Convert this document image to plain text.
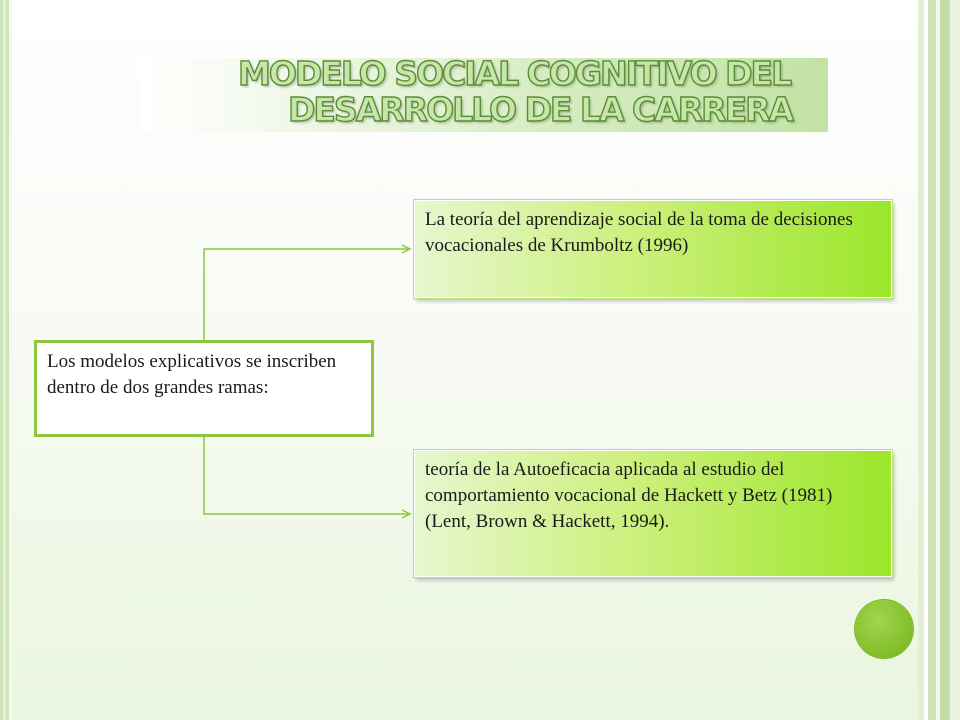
MODELO SOCIAL COGNITIVO DEL
DESARROLLO DE LA CARRERA
Los modelos explicativos se inscriben dentro de dos grandes ramas:
La teoría del aprendizaje social de la toma de decisiones vocacionales de Krumboltz (1996)
teoría de la Autoeficacia aplicada al estudio del comportamiento vocacional de Hackett y Betz (1981) (Lent, Brown & Hackett, 1994).
